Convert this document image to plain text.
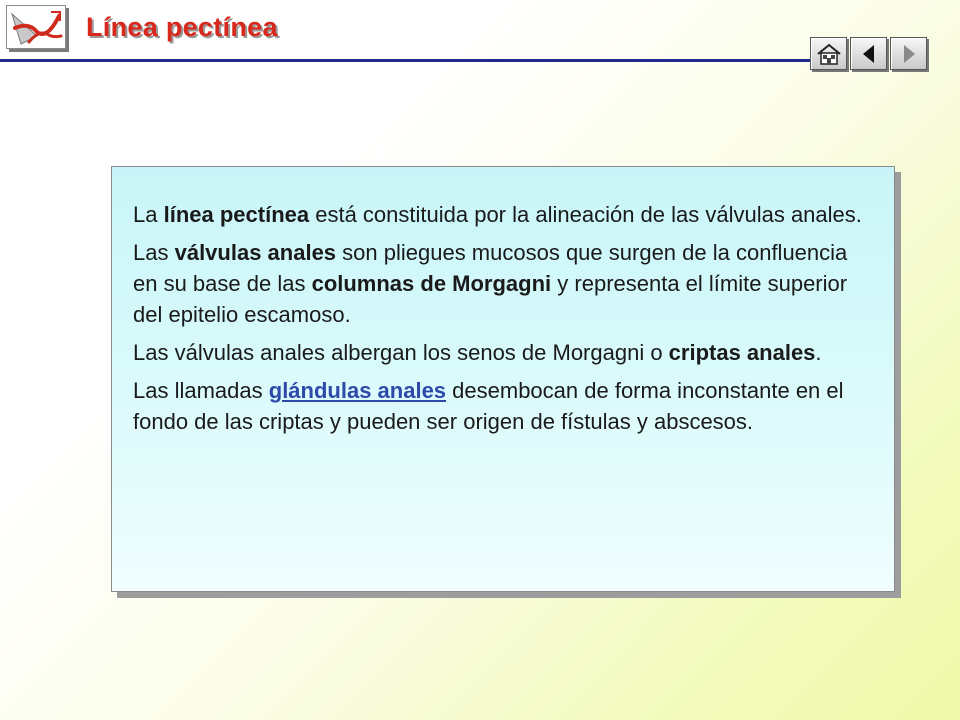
Línea pectínea

La línea pectínea está constituida por la alineación de las válvulas anales.

Las válvulas anales son pliegues mucosos que surgen de la confluencia en su base de las columnas de Morgagni y representa el límite superior del epitelio escamoso.

Las válvulas anales albergan los senos de Morgagni o criptas anales.

Las llamadas glándulas anales desembocan de forma inconstante en el fondo de las criptas y pueden ser origen de fístulas y abscesos.
